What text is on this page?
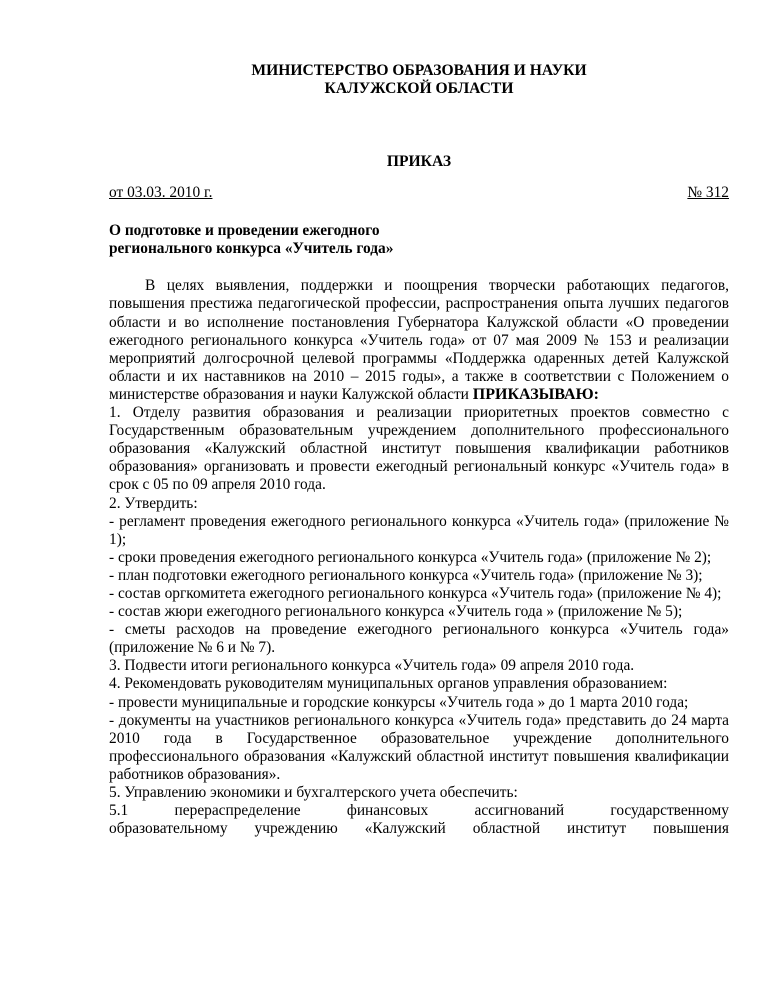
МИНИСТЕРСТВО ОБРАЗОВАНИЯ И НАУКИ
КАЛУЖСКОЙ ОБЛАСТИ
ПРИКАЗ
от 03.03. 2010 г.	№ 312
О подготовке и проведении ежегодного
регионального конкурса «Учитель года»
В целях выявления, поддержки и поощрения творчески работающих педагогов, повышения престижа педагогической профессии, распространения опыта лучших педагогов области и во исполнение постановления Губернатора Калужской области «О проведении ежегодного регионального конкурса «Учитель года» от 07 мая 2009 № 153 и реализации мероприятий долгосрочной целевой программы «Поддержка одаренных детей Калужской области и их наставников на 2010 – 2015 годы», а также в соответствии с Положением о министерстве образования и науки Калужской области ПРИКАЗЫВАЮ:
1. Отделу развития образования и реализации приоритетных проектов совместно с Государственным образовательным учреждением дополнительного профессионального образования «Калужский областной институт повышения квалификации работников образования» организовать и провести ежегодный региональный конкурс «Учитель года» в срок с 05 по 09 апреля 2010 года.
2. Утвердить:
- регламент проведения ежегодного регионального конкурса «Учитель года» (приложение № 1);
- сроки проведения ежегодного регионального конкурса «Учитель года» (приложение № 2);
- план подготовки ежегодного регионального конкурса «Учитель года» (приложение № 3);
- состав оргкомитета ежегодного регионального конкурса «Учитель года» (приложение № 4);
- состав жюри ежегодного регионального конкурса «Учитель года » (приложение № 5);
- сметы расходов на проведение ежегодного регионального конкурса «Учитель года» (приложение № 6 и № 7).
3. Подвести итоги регионального конкурса «Учитель года» 09 апреля 2010 года.
4. Рекомендовать руководителям муниципальных органов управления образованием:
- провести муниципальные и городские конкурсы «Учитель года » до 1 марта 2010 года;
- документы на участников регионального конкурса «Учитель года» представить до 24 марта 2010 года в Государственное образовательное учреждение дополнительного профессионального образования «Калужский областной институт повышения квалификации работников образования».
5. Управлению экономики и бухгалтерского учета обеспечить:
5.1 перераспределение финансовых ассигнований государственному
образовательному учреждению «Калужский областной институт повышения
